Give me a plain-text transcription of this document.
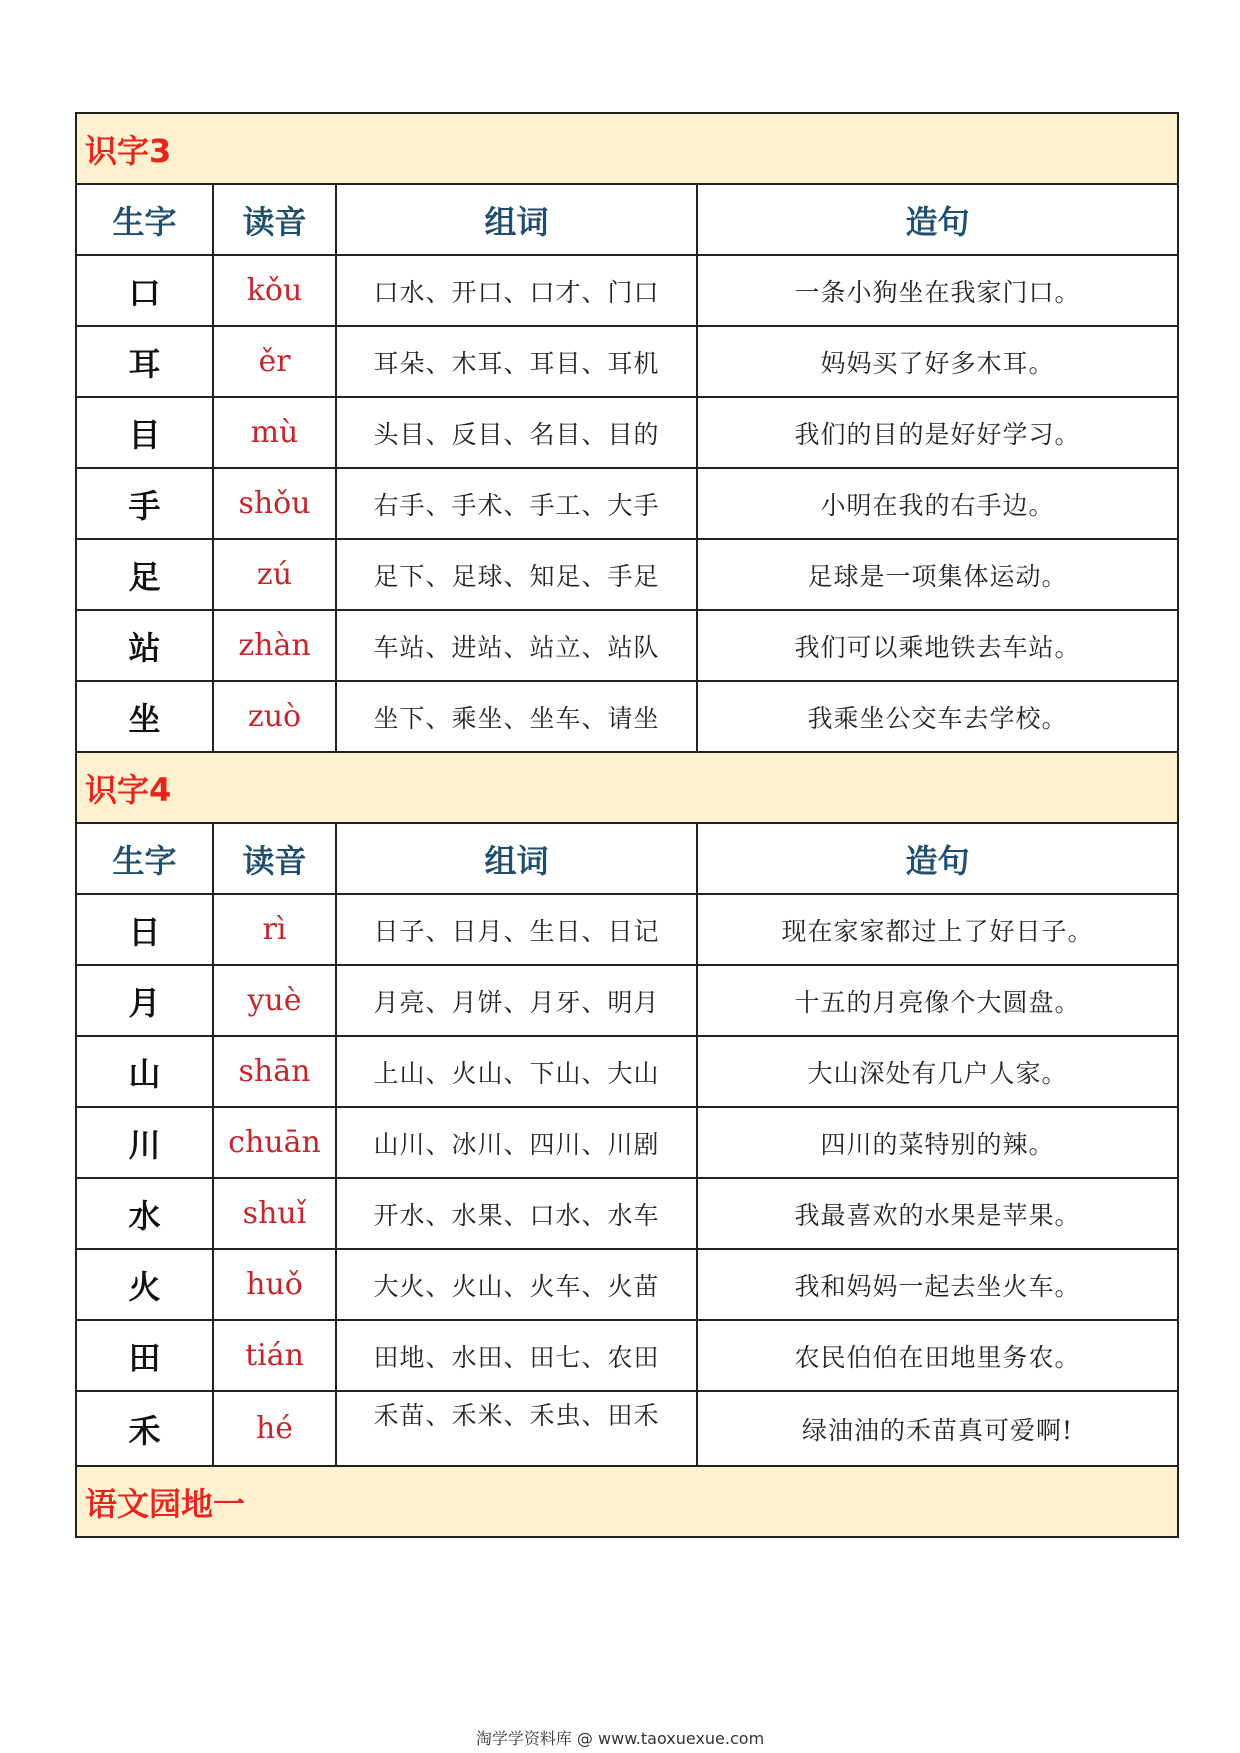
识字3			
生字	读音	组词	造句
口	kǒu	口水、开口、口才、门口	一条小狗坐在我家门口。
耳	ěr	耳朵、木耳、耳目、耳机	妈妈买了好多木耳。
目	mù	头目、反目、名目、目的	我们的目的是好好学习。
手	shǒu	右手、手术、手工、大手	小明在我的右手边。
足	zú	足下、足球、知足、手足	足球是一项集体运动。
站	zhàn	车站、进站、站立、站队	我们可以乘地铁去车站。
坐	zuò	坐下、乘坐、坐车、请坐	我乘坐公交车去学校。
识字4			
生字	读音	组词	造句
日	rì	日子、日月、生日、日记	现在家家都过上了好日子。
月	yuè	月亮、月饼、月牙、明月	十五的月亮像个大圆盘。
山	shān	上山、火山、下山、大山	大山深处有几户人家。
川	chuān	山川、冰川、四川、川剧	四川的菜特别的辣。
水	shuǐ	开水、水果、口水、水车	我最喜欢的水果是苹果。
火	huǒ	大火、火山、火车、火苗	我和妈妈一起去坐火车。
田	tián	田地、水田、田七、农田	农民伯伯在田地里务农。
禾	hé	禾苗、禾米、禾虫、田禾	绿油油的禾苗真可爱啊!
语文园地一			
淘学学资料库 @ www.taoxuexue.com
